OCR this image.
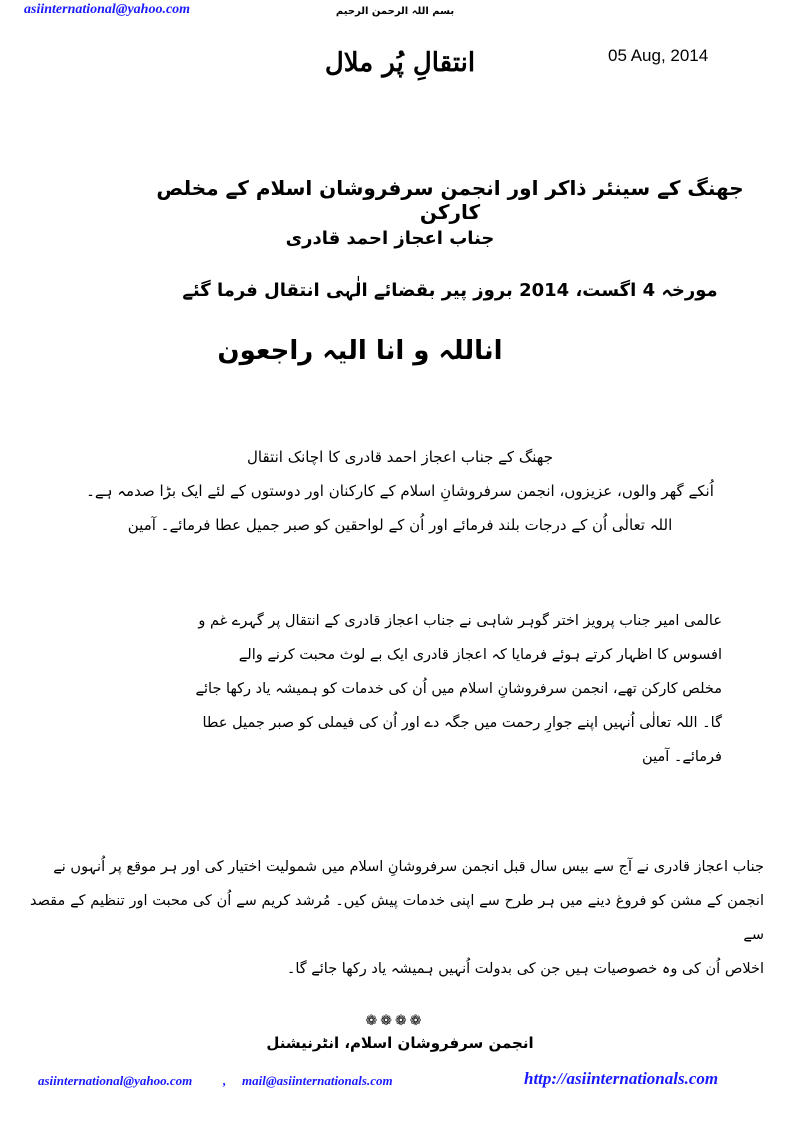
asiinternational@yahoo.com	بسم اللہ الرحمن الرحیم
05 Aug, 2014
انتقالِ پُر ملال
جھنگ کے سینئر ذاکر اور انجمن سرفروشان اسلام کے مخلص کارکن
جناب اعجاز احمد قادری
مورخہ 4 اگست، 2014 بروز پیر بقضائے الٰہی انتقال فرما گئے
اناللہ و انا الیہ راجعون
جھنگ کے جناب اعجاز احمد قادری کا اچانک انتقال
اُنکے گھر والوں، عزیزوں، انجمن سرفروشانِ اسلام کے کارکنان اور دوستوں کے لئے ایک بڑا صدمہ ہے۔
اللہ تعالٰی اُن کے درجات بلند فرمائے اور اُن کے لواحقین کو صبر جمیل عطا فرمائے۔ آمین
عالمی امیر جناب پرویز اختر گوہر شاہی نے جناب اعجاز قادری کے انتقال پر گہرے غم و
افسوس کا اظہار کرتے ہوئے فرمایا کہ اعجاز قادری ایک بے لوث محبت کرنے والے
مخلص کارکن تھے، انجمن سرفروشانِ اسلام میں اُن کی خدمات کو ہمیشہ یاد رکھا جائے
گا۔ اللہ تعالٰی اُنہیں اپنے جوارِ رحمت میں جگہ دے اور اُن کی فیملی کو صبر جمیل عطا
فرمائے۔ آمین
جناب اعجاز قادری نے آج سے بیس سال قبل انجمن سرفروشانِ اسلام میں شمولیت اختیار کی اور ہر موقع پر اُنہوں نے
انجمن کے مشن کو فروغ دینے میں ہر طرح سے اپنی خدمات پیش کیں۔ مُرشد کریم سے اُن کی محبت اور تنظیم کے مقصد سے
اخلاص اُن کی وہ خصوصیات ہیں جن کی بدولت اُنہیں ہمیشہ یاد رکھا جائے گا۔
❁❁❁❁
انجمن سرفروشان اسلام، انٹرنیشنل
asiinternational@yahoo.com , mail@asiinternationals.com	http://asiinternationals.com
